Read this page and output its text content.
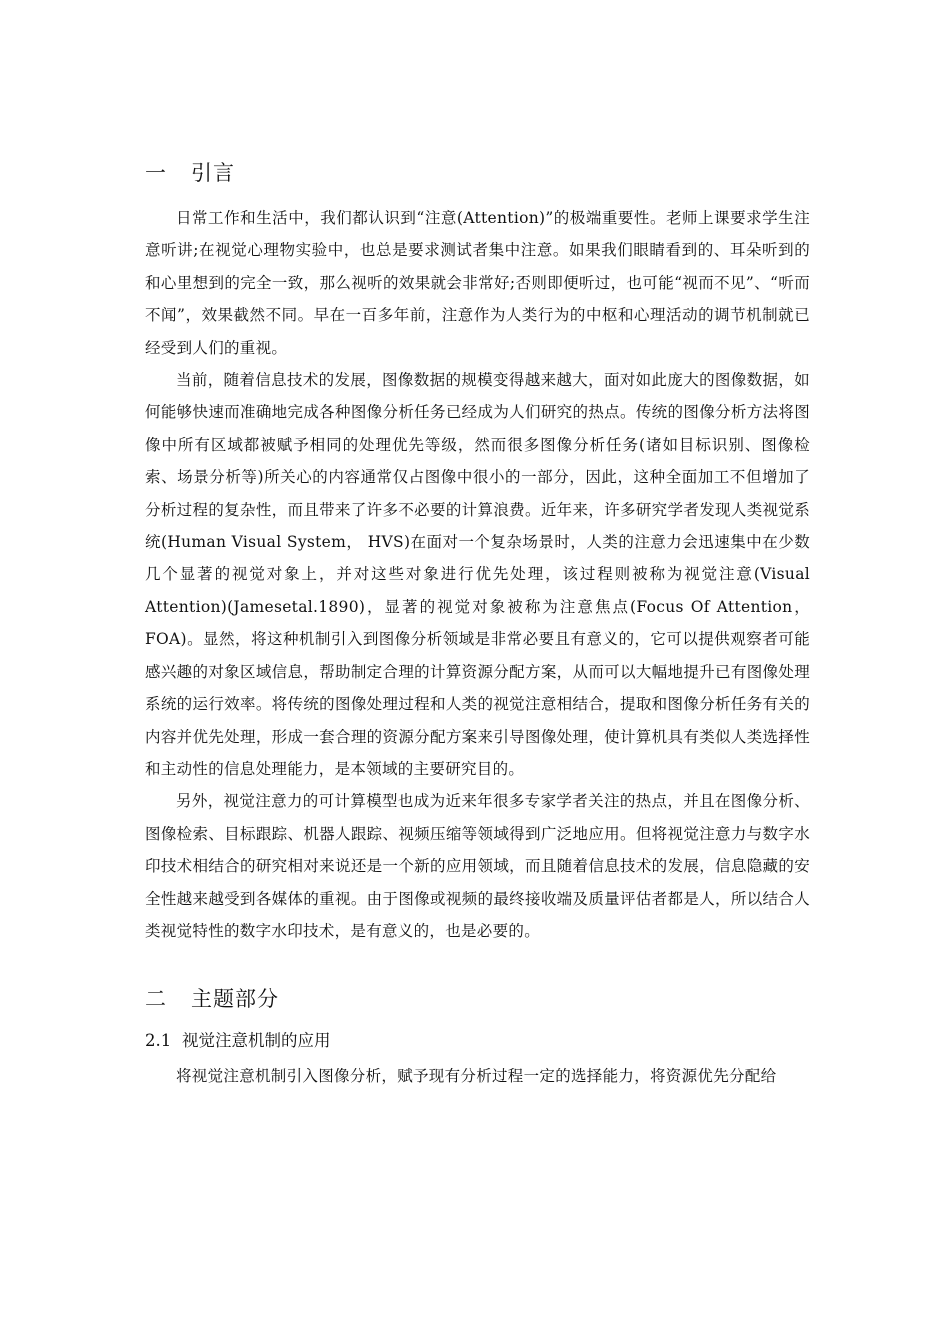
一 引言

日常工作和生活中，我们都认识到“注意(Attention)”的极端重要性。老师上课要求学生注意听讲;在视觉心理物实验中，也总是要求测试者集中注意。如果我们眼睛看到的、耳朵听到的和心里想到的完全一致，那么视听的效果就会非常好;否则即便听过，也可能“视而不见”、“听而不闻”，效果截然不同。早在一百多年前，注意作为人类行为的中枢和心理活动的调节机制就已经受到人们的重视。

当前，随着信息技术的发展，图像数据的规模变得越来越大，面对如此庞大的图像数据，如何能够快速而准确地完成各种图像分析任务已经成为人们研究的热点。传统的图像分析方法将图像中所有区域都被赋予相同的处理优先等级，然而很多图像分析任务(诸如目标识别、图像检索、场景分析等)所关心的内容通常仅占图像中很小的一部分，因此，这种全面加工不但增加了分析过程的复杂性，而且带来了许多不必要的计算浪费。近年来，许多研究学者发现人类视觉系统(Human Visual System， HVS)在面对一个复杂场景时，人类的注意力会迅速集中在少数几个显著的视觉对象上，并对这些对象进行优先处理，该过程则被称为视觉注意(Visual Attention)(Jamesetal.1890)，显著的视觉对象被称为注意焦点(Focus Of Attention， FOA)。显然，将这种机制引入到图像分析领域是非常必要且有意义的，它可以提供观察者可能感兴趣的对象区域信息，帮助制定合理的计算资源分配方案，从而可以大幅地提升已有图像处理系统的运行效率。将传统的图像处理过程和人类的视觉注意相结合，提取和图像分析任务有关的内容并优先处理，形成一套合理的资源分配方案来引导图像处理，使计算机具有类似人类选择性和主动性的信息处理能力，是本领域的主要研究目的。

另外，视觉注意力的可计算模型也成为近来年很多专家学者关注的热点，并且在图像分析、图像检索、目标跟踪、机器人跟踪、视频压缩等领域得到广泛地应用。但将视觉注意力与数字水印技术相结合的研究相对来说还是一个新的应用领域，而且随着信息技术的发展，信息隐藏的安全性越来越受到各媒体的重视。由于图像或视频的最终接收端及质量评估者都是人，所以结合人类视觉特性的数字水印技术，是有意义的，也是必要的。

二 主题部分
2.1 视觉注意机制的应用

将视觉注意机制引入图像分析，赋予现有分析过程一定的选择能力，将资源优先分配给
